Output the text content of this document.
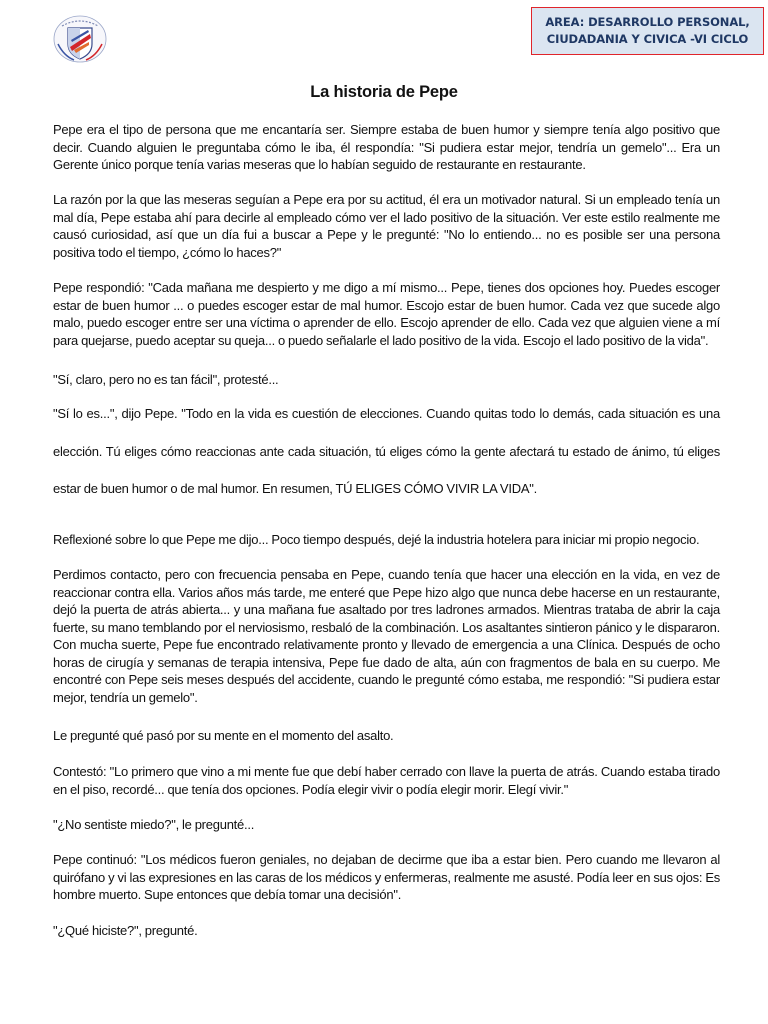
AREA: DESARROLLO PERSONAL,
CIUDADANIA Y CIVICA -VI CICLO
La historia de Pepe

Pepe era el tipo de persona que me encantaría ser. Siempre estaba de buen humor y siempre tenía algo positivo que decir. Cuando alguien le preguntaba cómo le iba, él respondía: "Si pudiera estar mejor, tendría un gemelo"... Era un Gerente único porque tenía varias meseras que lo habían seguido de restaurante en restaurante.

La razón por la que las meseras seguían a Pepe era por su actitud, él era un motivador natural. Si un empleado tenía un mal día, Pepe estaba ahí para decirle al empleado cómo ver el lado positivo de la situación. Ver este estilo realmente me causó curiosidad, así que un día fui a buscar a Pepe y le pregunté: "No lo entiendo... no es posible ser una persona positiva todo el tiempo, ¿cómo lo haces?"

Pepe respondió: "Cada mañana me despierto y me digo a mí mismo... Pepe, tienes dos opciones hoy. Puedes escoger estar de buen humor ... o puedes escoger estar de mal humor. Escojo estar de buen humor. Cada vez que sucede algo malo, puedo escoger entre ser una víctima o aprender de ello. Escojo aprender de ello. Cada vez que alguien viene a mí para quejarse, puedo aceptar su queja... o puedo señalarle el lado positivo de la vida. Escojo el lado positivo de la vida".

"Sí, claro, pero no es tan fácil", protesté...

"Sí lo es...", dijo Pepe. "Todo en la vida es cuestión de elecciones. Cuando quitas todo lo demás, cada situación es una elección. Tú eliges cómo reaccionas ante cada situación, tú eliges cómo la gente afectará tu estado de ánimo, tú eliges estar de buen humor o de mal humor. En resumen, TÚ ELIGES CÓMO VIVIR LA VIDA".

Reflexioné sobre lo que Pepe me dijo... Poco tiempo después, dejé la industria hotelera para iniciar mi propio negocio.

Perdimos contacto, pero con frecuencia pensaba en Pepe, cuando tenía que hacer una elección en la vida, en vez de reaccionar contra ella. Varios años más tarde, me enteré que Pepe hizo algo que nunca debe hacerse en un restaurante, dejó la puerta de atrás abierta... y una mañana fue asaltado por tres ladrones armados. Mientras trataba de abrir la caja fuerte, su mano temblando por el nerviosismo, resbaló de la combinación. Los asaltantes sintieron pánico y le dispararon. Con mucha suerte, Pepe fue encontrado relativamente pronto y llevado de emergencia a una Clínica. Después de ocho horas de cirugía y semanas de terapia intensiva, Pepe fue dado de alta, aún con fragmentos de bala en su cuerpo. Me encontré con Pepe seis meses después del accidente, cuando le pregunté cómo estaba, me respondió: "Si pudiera estar mejor, tendría un gemelo".

Le pregunté qué pasó por su mente en el momento del asalto.

Contestó: "Lo primero que vino a mi mente fue que debí haber cerrado con llave la puerta de atrás. Cuando estaba tirado en el piso, recordé... que tenía dos opciones. Podía elegir vivir o podía elegir morir. Elegí vivir."

"¿No sentiste miedo?", le pregunté...

Pepe continuó: "Los médicos fueron geniales, no dejaban de decirme que iba a estar bien. Pero cuando me llevaron al quirófano y vi las expresiones en las caras de los médicos y enfermeras, realmente me asusté. Podía leer en sus ojos: Es hombre muerto. Supe entonces que debía tomar una decisión".

"¿Qué hiciste?", pregunté.
